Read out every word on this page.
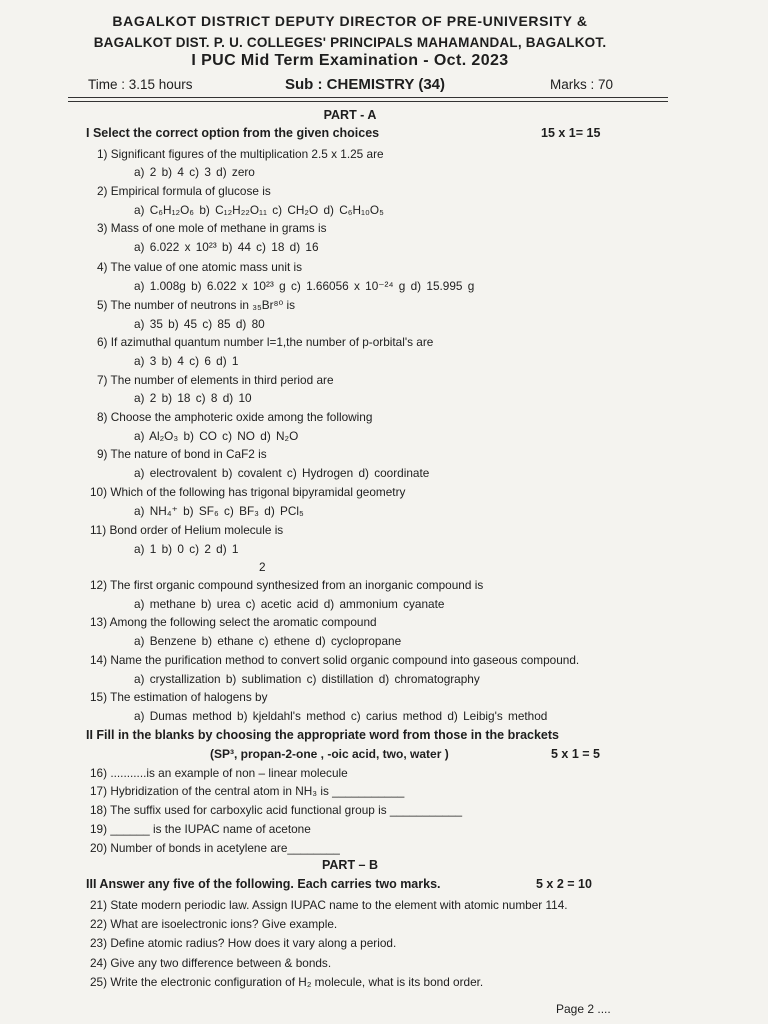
BAGALKOT DISTRICT DEPUTY DIRECTOR OF PRE-UNIVERSITY &
BAGALKOT DIST. P. U. COLLEGES' PRINCIPALS MAHAMANDAL, BAGALKOT.
I PUC Mid Term Examination - Oct. 2023
Time : 3.15 hours	Sub : CHEMISTRY (34)	Marks : 70
PART - A
I Select the correct option from the given choices	15 x 1= 15
1) Significant figures of the multiplication 2.5 x 1.25 are
a) 2 b) 4 c) 3 d) zero
2) Empirical formula of glucose is
a) C₆H₁₂O₆ b) C₁₂H₂₂O₁₁ c) CH₂O d) C₆H₁₀O₅
3) Mass of one mole of methane in grams is
a) 6.022 x 10²³ b) 44 c) 18 d) 16
4) The value of one atomic mass unit is
a) 1.008g b) 6.022 x 10²³ g c) 1.66056 x 10⁻²⁴ g d) 15.995 g
5) The number of neutrons in ₃₅Br⁸⁰ is
a) 35 b) 45 c) 85 d) 80
6) If azimuthal quantum number l=1,the number of p-orbital's are
a) 3 b) 4 c) 6 d) 1
7) The number of elements in third period are
a) 2 b) 18 c) 8 d) 10
8) Choose the amphoteric oxide among the following
a) Al₂O₃ b) CO c) NO d) N₂O
9) The nature of bond in CaF2 is
a) electrovalent b) covalent c) Hydrogen d) coordinate
10) Which of the following has trigonal bipyramidal geometry
a) NH₄⁺ b) SF₆ c) BF₃ d) PCl₅
11) Bond order of Helium molecule is
a) 1 b) 0 c) 2 d) 1
2
12) The first organic compound synthesized from an inorganic compound is
a) methane b) urea c) acetic acid d) ammonium cyanate
13) Among the following select the aromatic compound
a) Benzene b) ethane c) ethene d) cyclopropane
14) Name the purification method to convert solid organic compound into gaseous compound.
a) crystallization b) sublimation c) distillation d) chromatography
15) The estimation of halogens by
a) Dumas method b) kjeldahl's method c) carius method d) Leibig's method
II Fill in the blanks by choosing the appropriate word from those in the brackets
(SP³, propan-2-one , -oic acid, two, water )	5 x 1 = 5
16) ...........is an example of non – linear molecule
17) Hybridization of the central atom in NH₃ is ___________
18) The suffix used for carboxylic acid functional group is ___________
19) ______ is the IUPAC name of acetone
20) Number of bonds in acetylene are________
PART – B
III Answer any five of the following. Each carries two marks.	5 x 2 = 10
21) State modern periodic law. Assign IUPAC name to the element with atomic number 114.
22) What are isoelectronic ions? Give example.
23) Define atomic radius? How does it vary along a period.
24) Give any two difference between & bonds.
25) Write the electronic configuration of H₂ molecule, what is its bond order.
Page 2 ....
